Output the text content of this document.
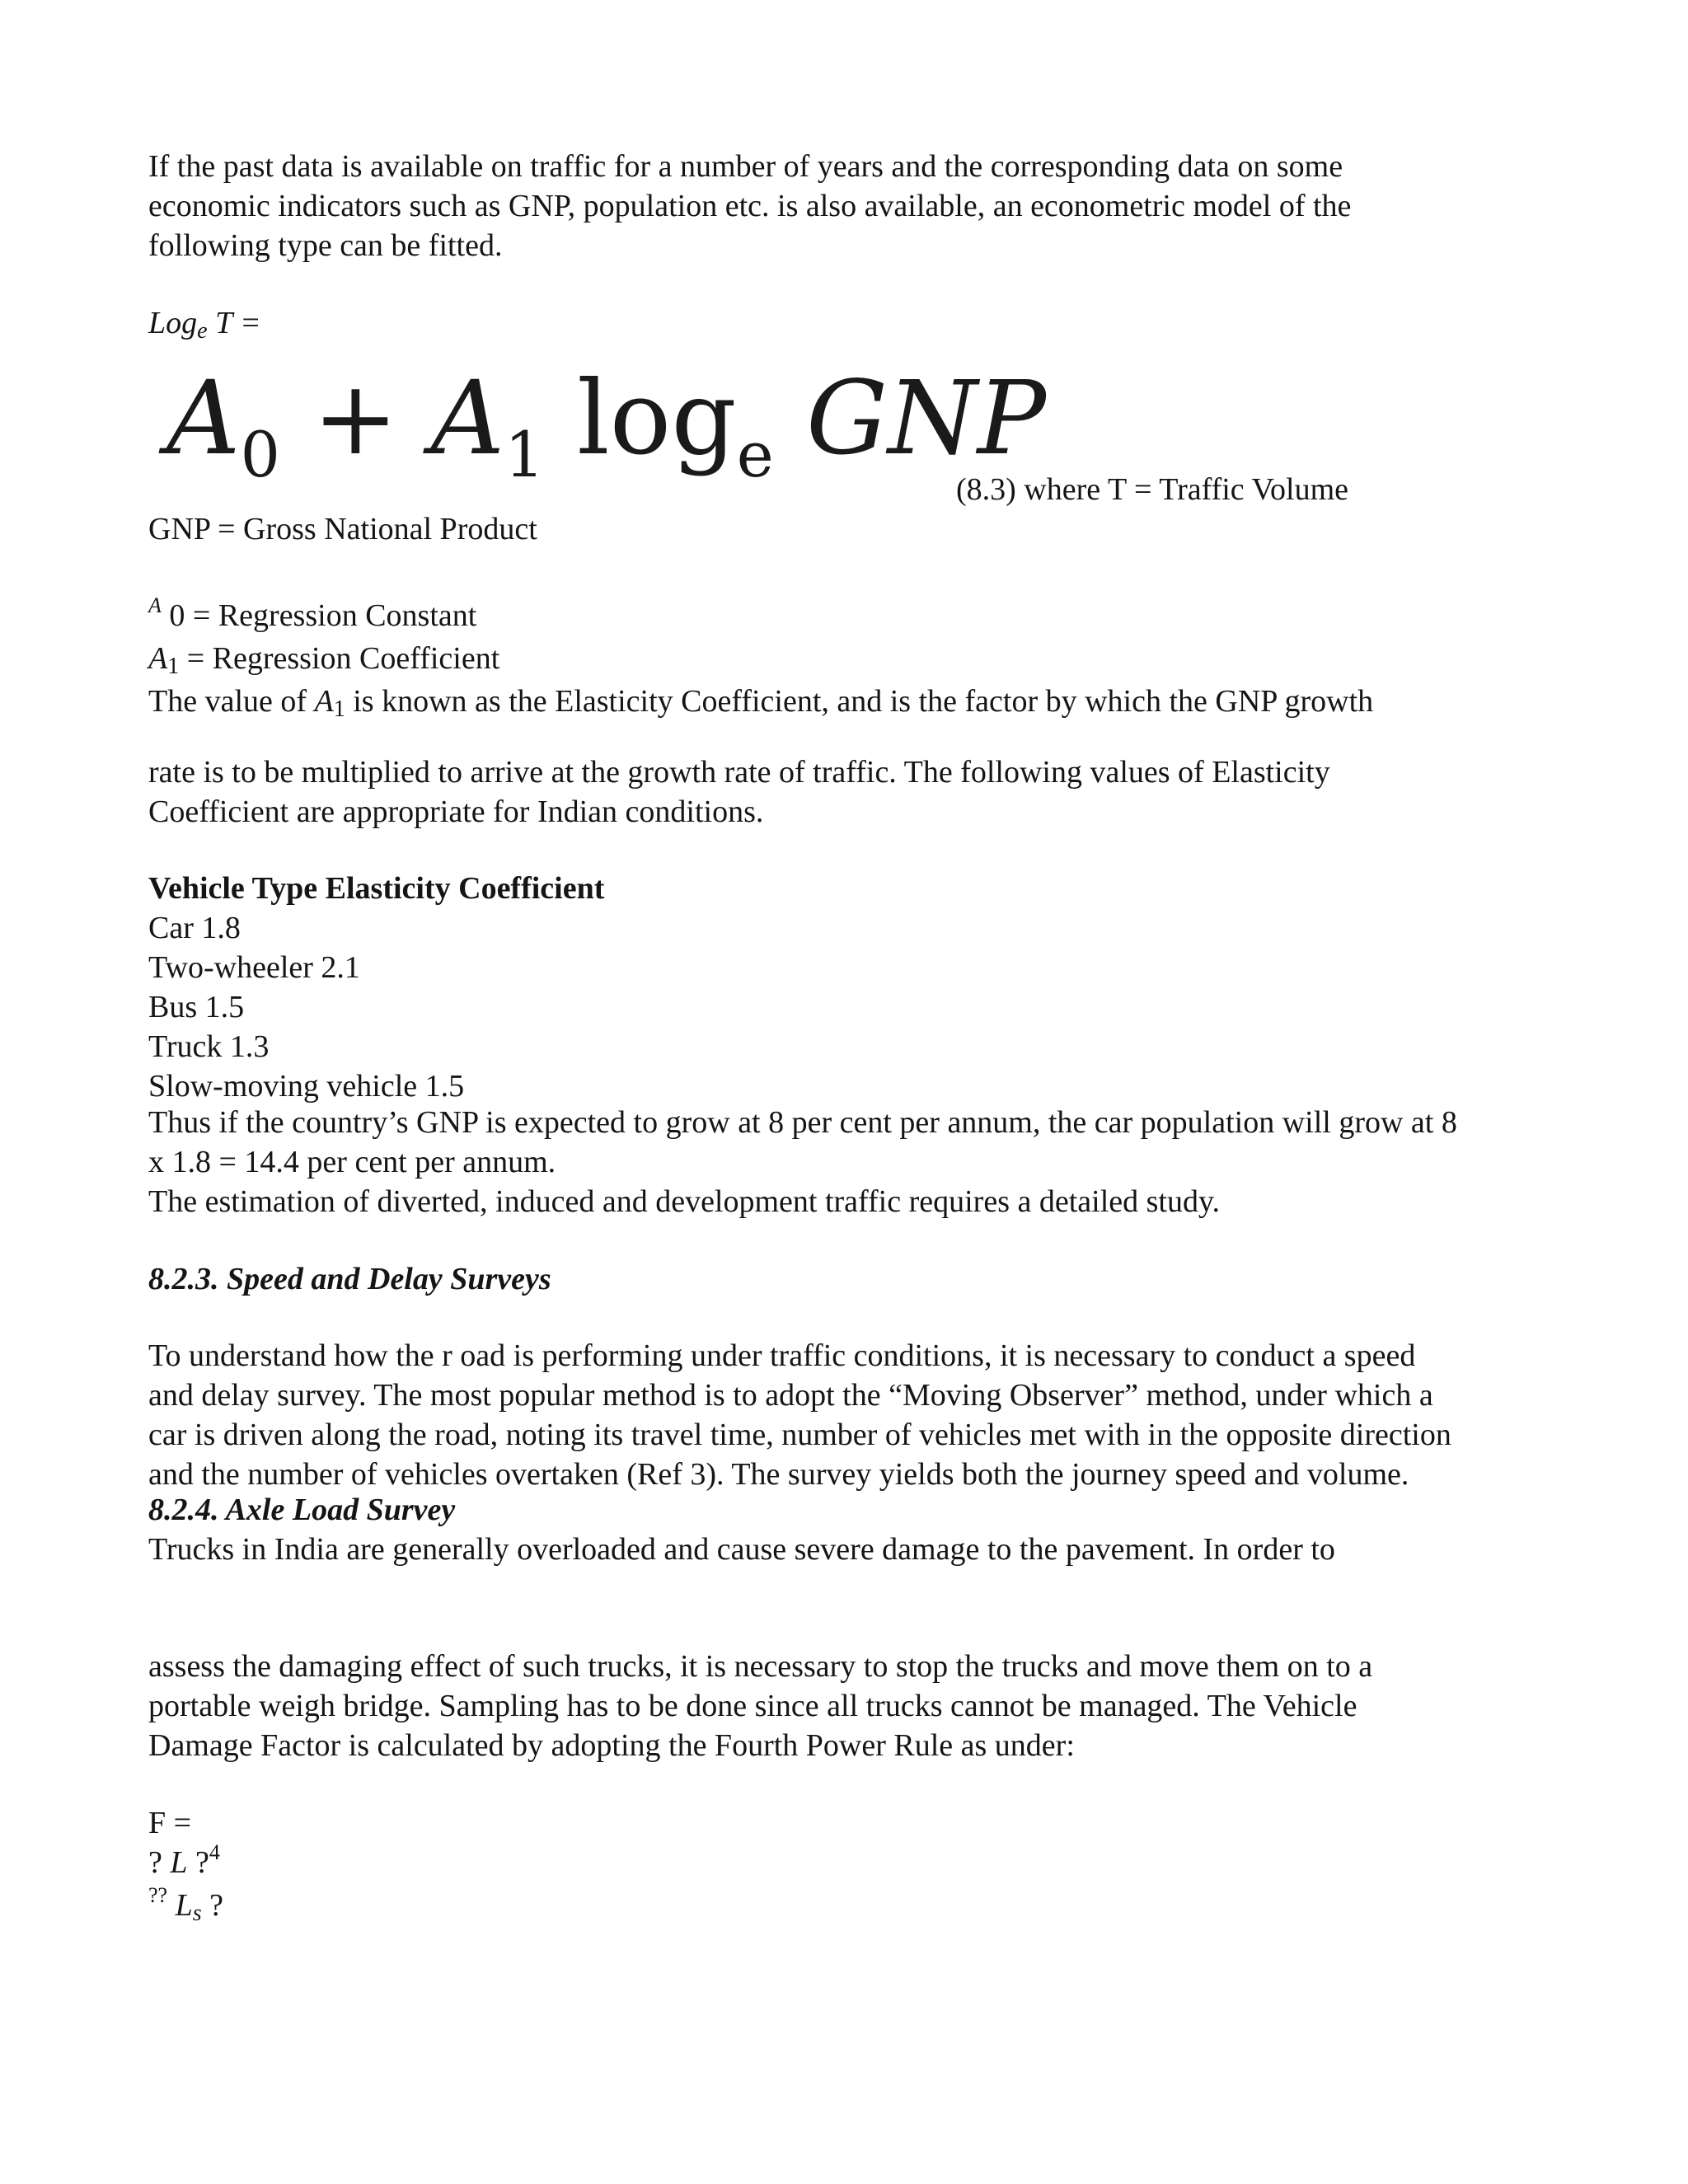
If the past data is available on traffic for a number of years and the corresponding data on some
economic indicators such as GNP, population etc. is also available, an econometric model of the
following type can be fitted.
Loge T =
$A_0 + A_1$ $\log_e$ GNP
(8.3) where T = Traffic Volume
GNP = Gross National Product
$^A$ 0 = Regression Constant
A1 = Regression Coefficient
The value of A1 is known as the Elasticity Coefficient, and is the factor by which the GNP growth
rate is to be multiplied to arrive at the growth rate of traffic. The following values of Elasticity
Coefficient are appropriate for Indian conditions.
Vehicle Type Elasticity Coefficient
Car 1.8
Two-wheeler 2.1
Bus 1.5
Truck 1.3
Slow-moving vehicle 1.5
Thus if the country’s GNP is expected to grow at 8 per cent per annum, the car population will grow at 8
x 1.8 = 14.4 per cent per annum.
The estimation of diverted, induced and development traffic requires a detailed study.
8.2.3. Speed and Delay Surveys
To understand how the r oad is performing under traffic conditions, it is necessary to conduct a speed
and delay survey. The most popular method is to adopt the “Moving Observer” method, under which a
car is driven along the road, noting its travel time, number of vehicles met with in the opposite direction
and the number of vehicles overtaken (Ref 3). The survey yields both the journey speed and volume.
8.2.4. Axle Load Survey
Trucks in India are generally overloaded and cause severe damage to the pavement. In order to
assess the damaging effect of such trucks, it is necessary to stop the trucks and move them on to a
portable weigh bridge. Sampling has to be done since all trucks cannot be managed. The Vehicle
Damage Factor is calculated by adopting the Fourth Power Rule as under:
F =
? L ?$^4$
?? Ls ?
